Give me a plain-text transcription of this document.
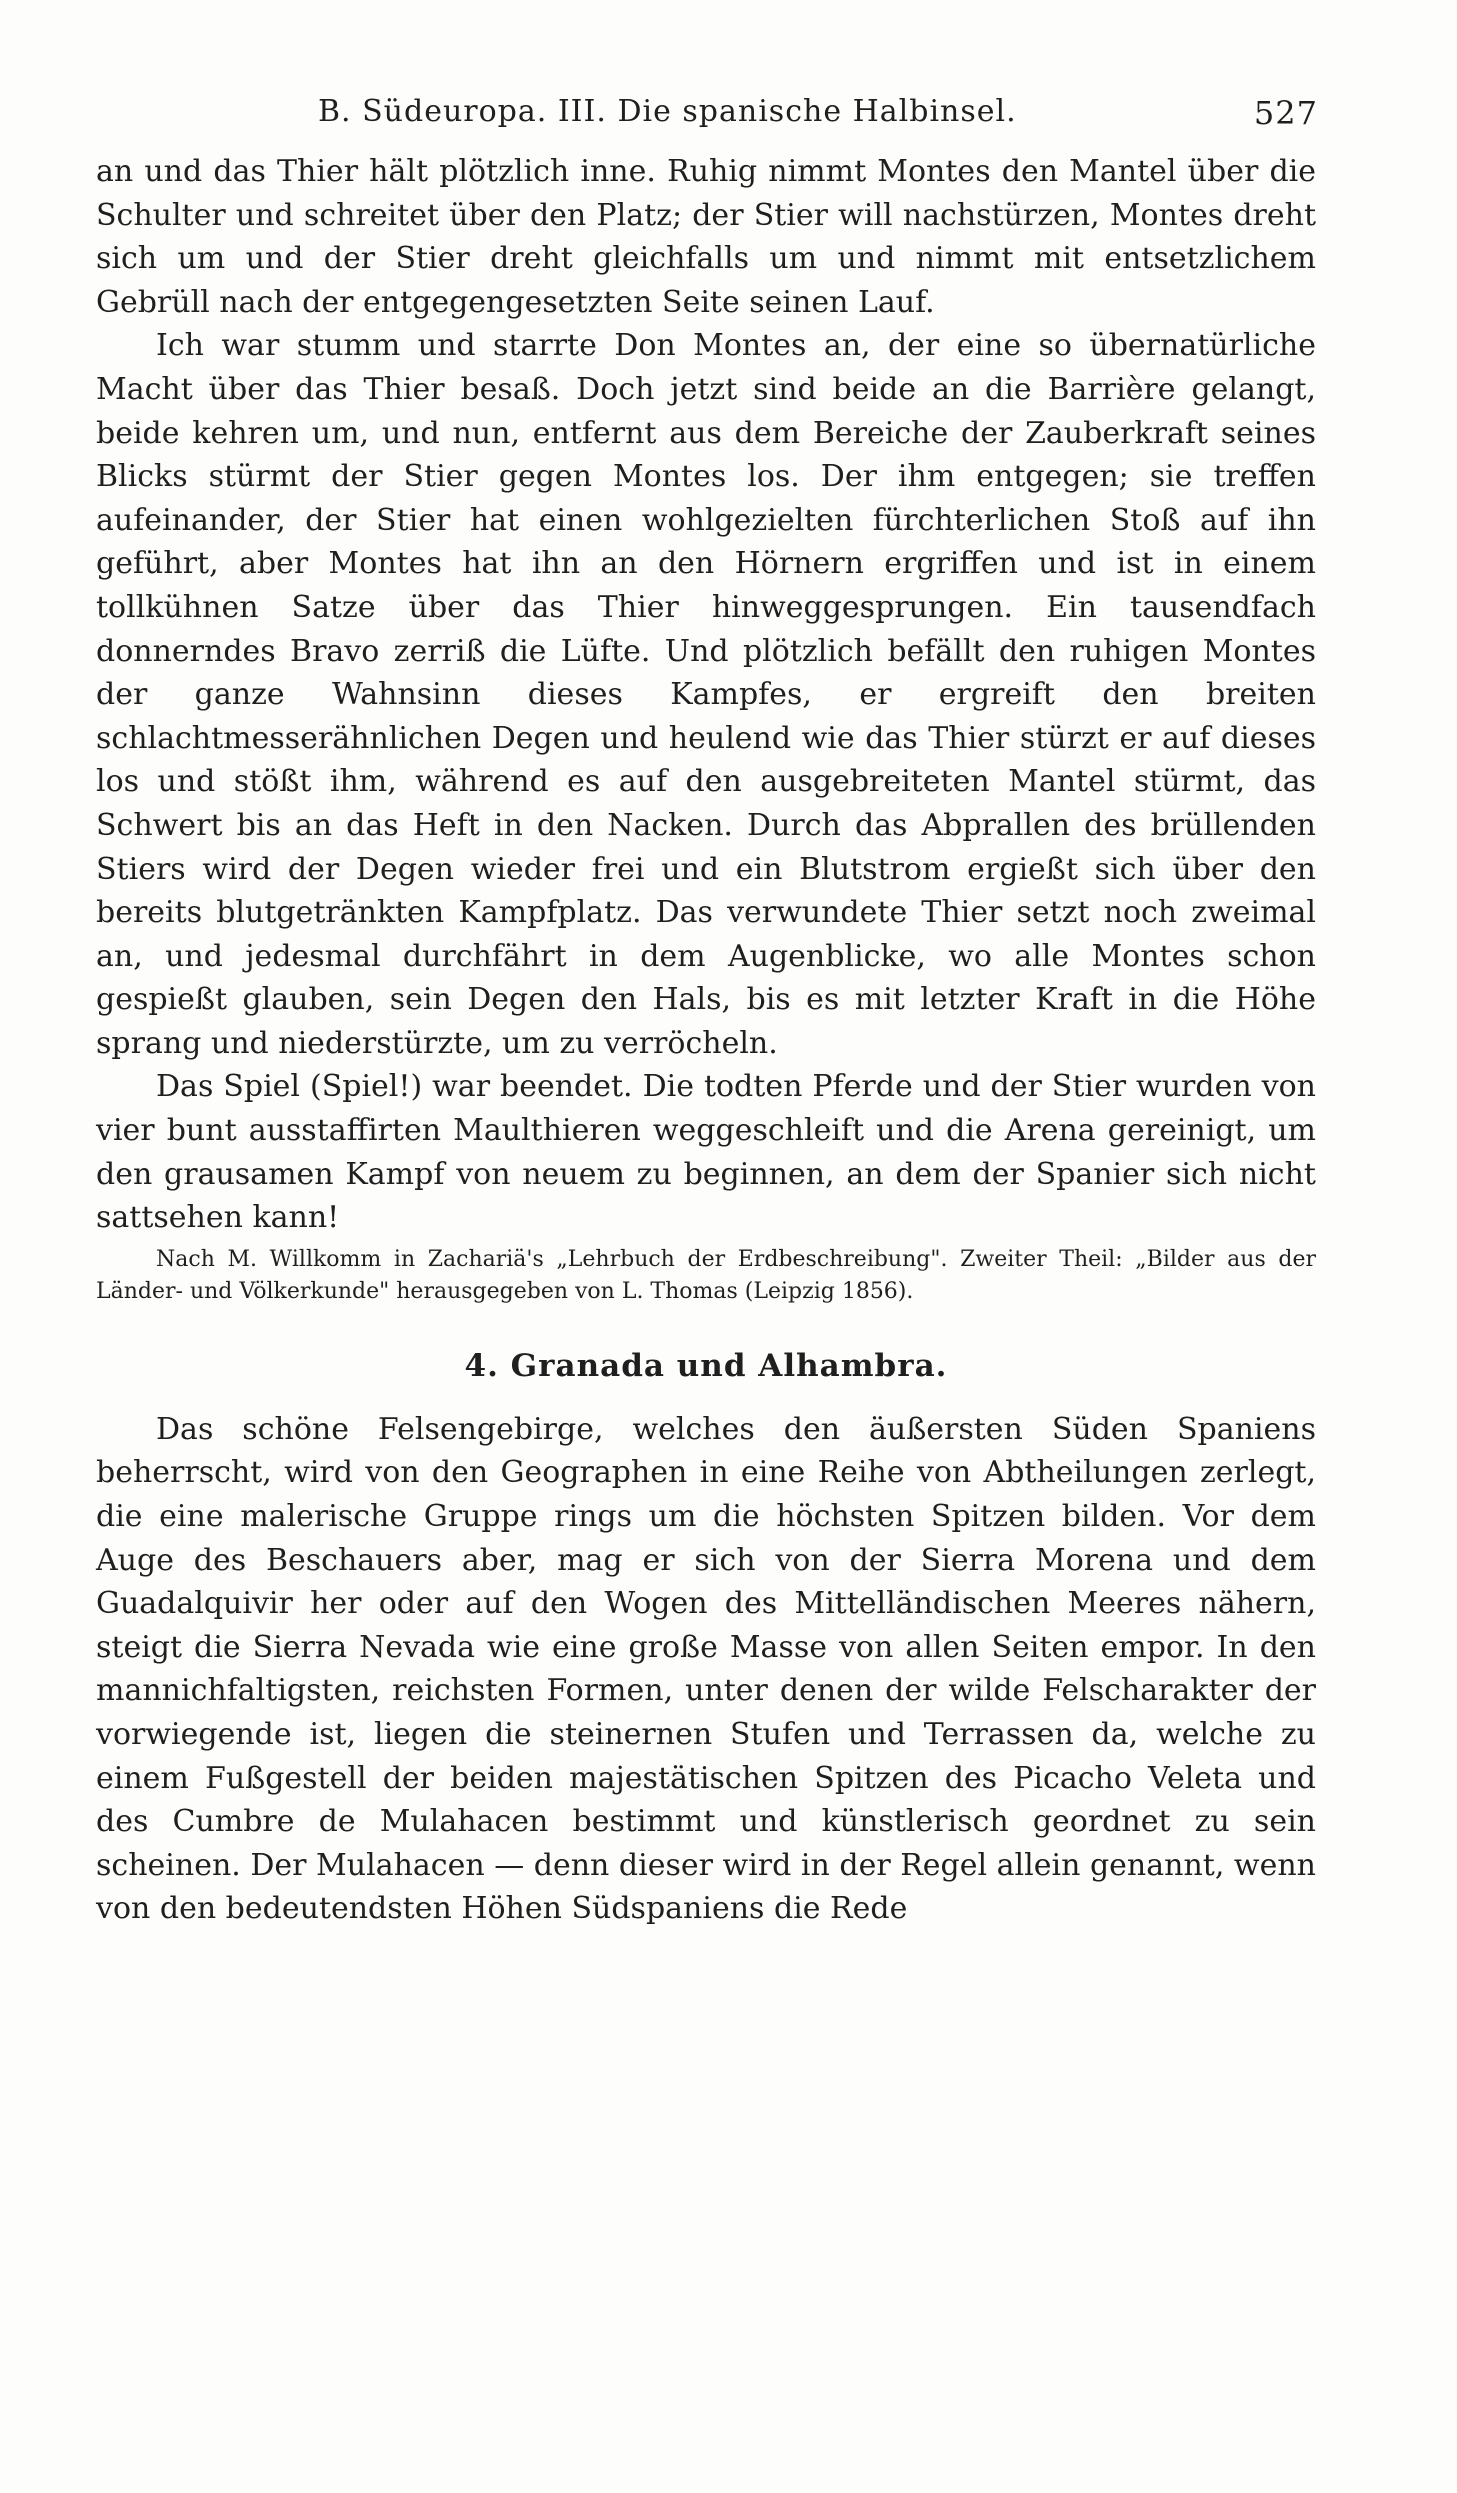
B. Südeuropa. III. Die spanische Halbinsel.	527

an und das Thier hält plötzlich inne. Ruhig nimmt Montes den Mantel über die Schulter und schreitet über den Platz; der Stier will nachstürzen, Montes dreht sich um und der Stier dreht gleichfalls um und nimmt mit entsetzlichem Gebrüll nach der entgegengesetzten Seite seinen Lauf.

Ich war stumm und starrte Don Montes an, der eine so übernatürliche Macht über das Thier besaß. Doch jetzt sind beide an die Barrière gelangt, beide kehren um, und nun, entfernt aus dem Bereiche der Zauberkraft seines Blicks stürmt der Stier gegen Montes los. Der ihm entgegen; sie treffen aufeinander, der Stier hat einen wohlgezielten fürchterlichen Stoß auf ihn geführt, aber Montes hat ihn an den Hörnern ergriffen und ist in einem tollkühnen Satze über das Thier hinweggesprungen. Ein tausendfach donnerndes Bravo zerriß die Lüfte. Und plötzlich befällt den ruhigen Montes der ganze Wahnsinn dieses Kampfes, er ergreift den breiten schlachtmesserähnlichen Degen und heulend wie das Thier stürzt er auf dieses los und stößt ihm, während es auf den ausgebreiteten Mantel stürmt, das Schwert bis an das Heft in den Nacken. Durch das Abprallen des brüllenden Stiers wird der Degen wieder frei und ein Blutstrom ergießt sich über den bereits blutgetränkten Kampfplatz. Das verwundete Thier setzt noch zweimal an, und jedesmal durchfährt in dem Augenblicke, wo alle Montes schon gespießt glauben, sein Degen den Hals, bis es mit letzter Kraft in die Höhe sprang und niederstürzte, um zu verröcheln.

Das Spiel (Spiel!) war beendet. Die todten Pferde und der Stier wurden von vier bunt ausstaffirten Maulthieren weggeschleift und die Arena gereinigt, um den grausamen Kampf von neuem zu beginnen, an dem der Spanier sich nicht sattsehen kann!

Nach M. Willkomm in Zachariä's „Lehrbuch der Erdbeschreibung". Zweiter Theil: „Bilder aus der Länder- und Völkerkunde" herausgegeben von L. Thomas (Leipzig 1856).

4. Granada und Alhambra.

Das schöne Felsengebirge, welches den äußersten Süden Spaniens beherrscht, wird von den Geographen in eine Reihe von Abtheilungen zerlegt, die eine malerische Gruppe rings um die höchsten Spitzen bilden. Vor dem Auge des Beschauers aber, mag er sich von der Sierra Morena und dem Guadalquivir her oder auf den Wogen des Mittelländischen Meeres nähern, steigt die Sierra Nevada wie eine große Masse von allen Seiten empor. In den mannichfaltigsten, reichsten Formen, unter denen der wilde Felscharakter der vorwiegende ist, liegen die steinernen Stufen und Terrassen da, welche zu einem Fußgestell der beiden majestätischen Spitzen des Picacho Veleta und des Cumbre de Mulahacen bestimmt und künstlerisch geordnet zu sein scheinen. Der Mulahacen — denn dieser wird in der Regel allein genannt, wenn von den bedeutendsten Höhen Südspaniens die Rede
